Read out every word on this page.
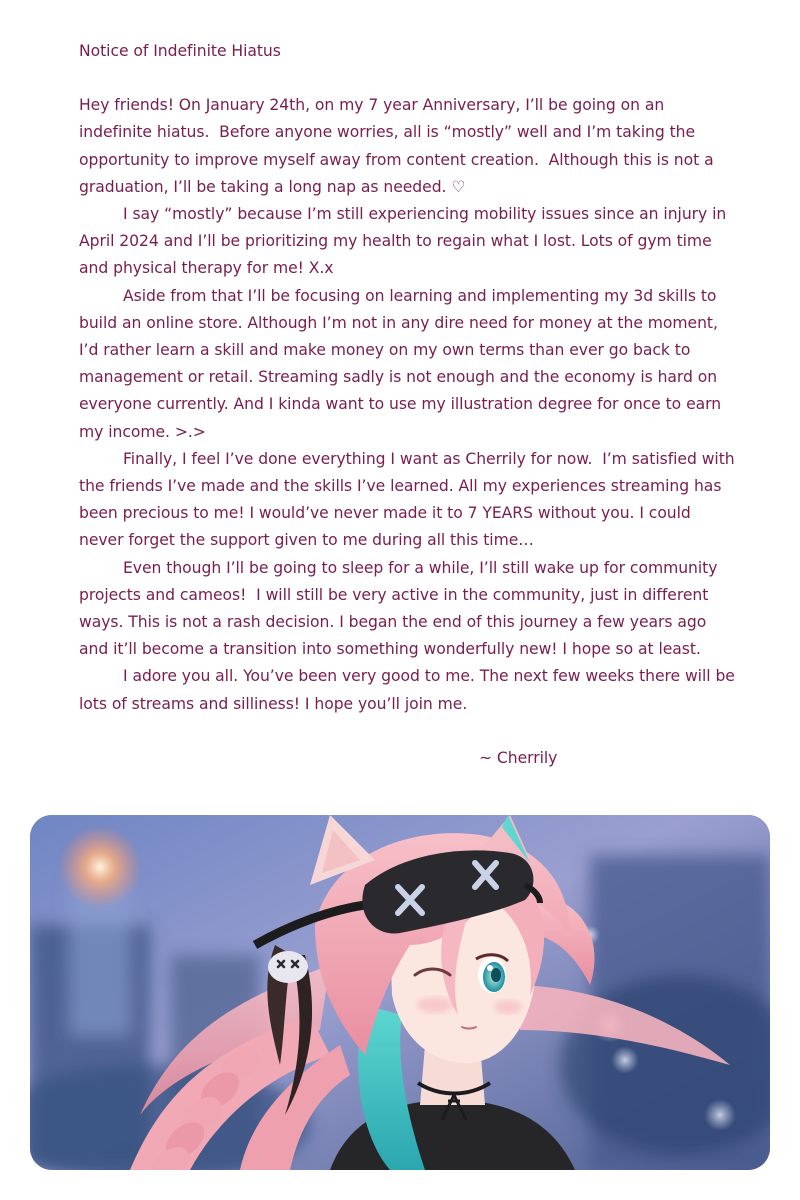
Notice of Indefinite Hiatus

Hey friends! On January 24th, on my 7 year Anniversary, I’ll be going on an indefinite hiatus.  Before anyone worries, all is “mostly” well and I’m taking the opportunity to improve myself away from content creation.  Although this is not a graduation, I’ll be taking a long nap as needed. ♡

I say “mostly” because I’m still experiencing mobility issues since an injury in April 2024 and I’ll be prioritizing my health to regain what I lost. Lots of gym time and physical therapy for me! X.x

Aside from that I’ll be focusing on learning and implementing my 3d skills to build an online store. Although I’m not in any dire need for money at the moment, I’d rather learn a skill and make money on my own terms than ever go back to management or retail. Streaming sadly is not enough and the economy is hard on everyone currently. And I kinda want to use my illustration degree for once to earn my income. >.>

Finally, I feel I’ve done everything I want as Cherrily for now.  I’m satisfied with the friends I’ve made and the skills I’ve learned. All my experiences streaming has been precious to me! I would’ve never made it to 7 YEARS without you. I could never forget the support given to me during all this time…

Even though I’ll be going to sleep for a while, I’ll still wake up for community projects and cameos!  I will still be very active in the community, just in different ways. This is not a rash decision. I began the end of this journey a few years ago and it’ll become a transition into something wonderfully new! I hope so at least.

I adore you all. You’ve been very good to me. The next few weeks there will be lots of streams and silliness! I hope you’ll join me.

~ Cherrily
